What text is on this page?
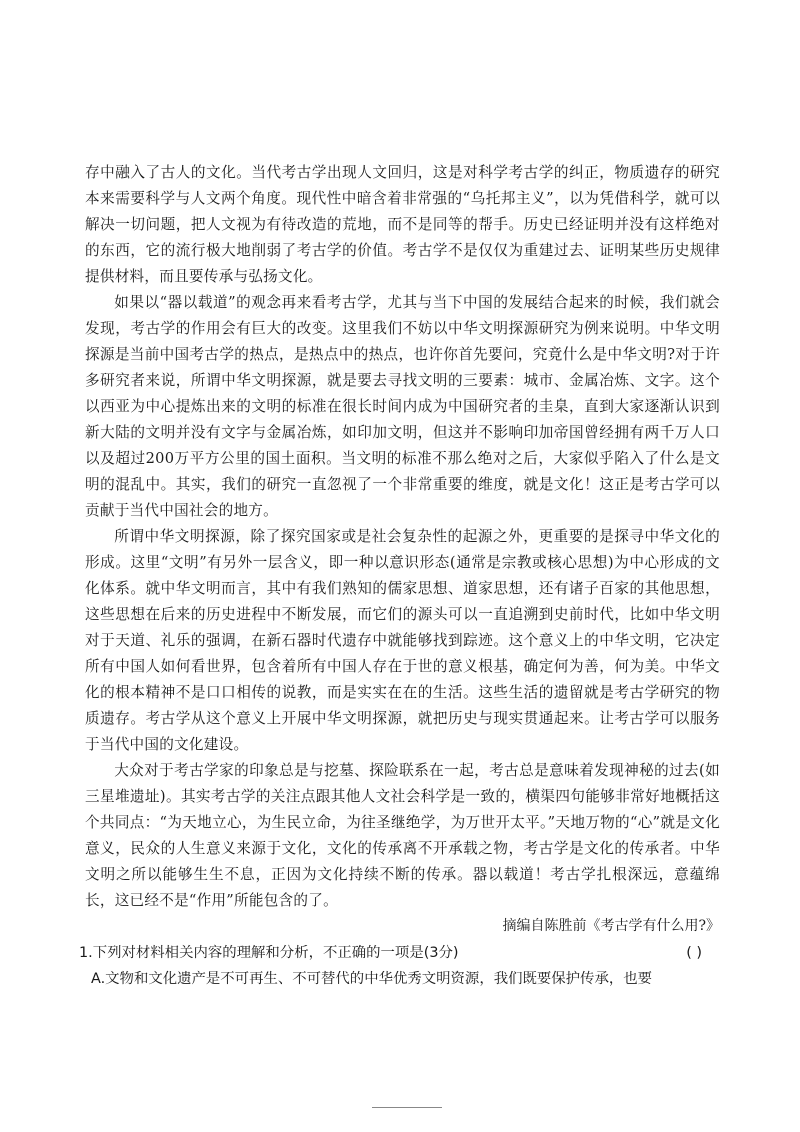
存中融入了古人的文化。当代考古学出现人文回归，这是对科学考古学的纠正，物质遗存的研究本来需要科学与人文两个角度。现代性中暗含着非常强的“乌托邦主义”，以为凭借科学，就可以解决一切问题，把人文视为有待改造的荒地，而不是同等的帮手。历史已经证明并没有这样绝对的东西，它的流行极大地削弱了考古学的价值。考古学不是仅仅为重建过去、证明某些历史规律提供材料，而且要传承与弘扬文化。

如果以“器以载道”的观念再来看考古学，尤其与当下中国的发展结合起来的时候，我们就会发现，考古学的作用会有巨大的改变。这里我们不妨以中华文明探源研究为例来说明。中华文明探源是当前中国考古学的热点，是热点中的热点，也许你首先要问，究竟什么是中华文明?对于许多研究者来说，所谓中华文明探源，就是要去寻找文明的三要素：城市、金属冶炼、文字。这个以西亚为中心提炼出来的文明的标准在很长时间内成为中国研究者的圭臬，直到大家逐渐认识到新大陆的文明并没有文字与金属冶炼，如印加文明，但这并不影响印加帝国曾经拥有两千万人口以及超过200万平方公里的国土面积。当文明的标准不那么绝对之后，大家似乎陷入了什么是文明的混乱中。其实，我们的研究一直忽视了一个非常重要的维度，就是文化！这正是考古学可以贡献于当代中国社会的地方。

所谓中华文明探源，除了探究国家或是社会复杂性的起源之外，更重要的是探寻中华文化的形成。这里“文明”有另外一层含义，即一种以意识形态(通常是宗教或核心思想)为中心形成的文化体系。就中华文明而言，其中有我们熟知的儒家思想、道家思想，还有诸子百家的其他思想，这些思想在后来的历史进程中不断发展，而它们的源头可以一直追溯到史前时代，比如中华文明对于天道、礼乐的强调，在新石器时代遗存中就能够找到踪迹。这个意义上的中华文明，它决定所有中国人如何看世界，包含着所有中国人存在于世的意义根基，确定何为善，何为美。中华文化的根本精神不是口口相传的说教，而是实实在在的生活。这些生活的遗留就是考古学研究的物质遗存。考古学从这个意义上开展中华文明探源，就把历史与现实贯通起来。让考古学可以服务于当代中国的文化建设。

大众对于考古学家的印象总是与挖墓、探险联系在一起，考古总是意味着发现神秘的过去(如三星堆遗址)。其实考古学的关注点跟其他人文社会科学是一致的，横渠四句能够非常好地概括这个共同点：“为天地立心，为生民立命，为往圣继绝学，为万世开太平。”天地万物的“心”就是文化意义，民众的人生意义来源于文化，文化的传承离不开承载之物，考古学是文化的传承者。中华文明之所以能够生生不息，正因为文化持续不断的传承。器以载道！考古学扎根深远，意蕴绵长，这已经不是“作用”所能包含的了。

摘编自陈胜前《考古学有什么用?》

1.下列对材料相关内容的理解和分析，不正确的一项是(3分)	( )

A.文物和文化遗产是不可再生、不可替代的中华优秀文明资源，我们既要保护传承，也要
